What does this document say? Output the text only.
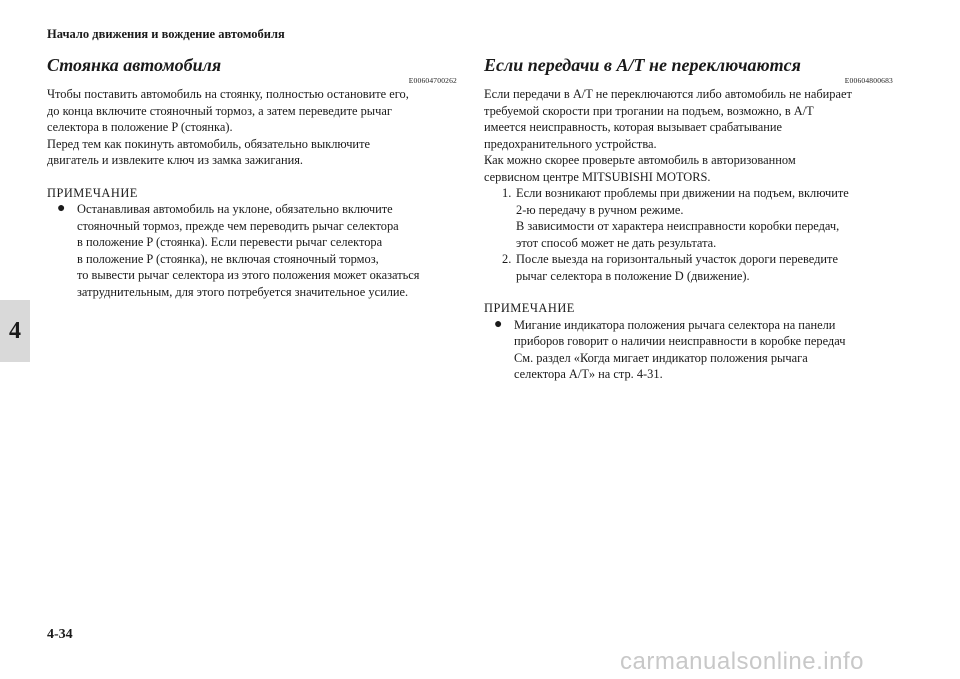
Начало движения и вождение автомобиля
4
Стоянка автомобиля
E00604700262

Чтобы поставить автомобиль на стоянку, полностью остановите его,

до конца включите стояночный тормоз, а затем переведите рычаг

селектора в положение P (стоянка).

Перед тем как покинуть автомобиль, обязательно выключите

двигатель и извлеките ключ из замка зажигания.

ПРИМЕЧАНИЕ
● Останавливая автомобиль на уклоне, обязательно включите
стояночный тормоз, прежде чем переводить рычаг селектора
в положение P (стоянка). Если перевести рычаг селектора
в положение P (стоянка), не включая стояночный тормоз,
то вывести рычаг селектора из этого положения может оказаться
затруднительным, для этого потребуется значительное усилие.
Если передачи в A/T не переключаются
E00604800683

Если передачи в A/T не переключаются либо автомобиль не набирает

требуемой скорости при трогании на подъем, возможно, в A/T

имеется неисправность, которая вызывает срабатывание

предохранительного устройства.

Как можно скорее проверьте автомобиль в авторизованном

сервисном центре MITSUBISHI MOTORS.

1. Если возникают проблемы при движении на подъем, включите
2-ю передачу в ручном режиме.
В зависимости от характера неисправности коробки передач,
этот способ может не дать результата.
2. После выезда на горизонтальный участок дороги переведите
рычаг селектора в положение D (движение).
ПРИМЕЧАНИЕ
● Мигание индикатора положения рычага селектора на панели
приборов говорит о наличии неисправности в коробке передач
См. раздел «Когда мигает индикатор положения рычага
селектора A/T» на стр. 4-31.
4-34
carmanualsonline.info
